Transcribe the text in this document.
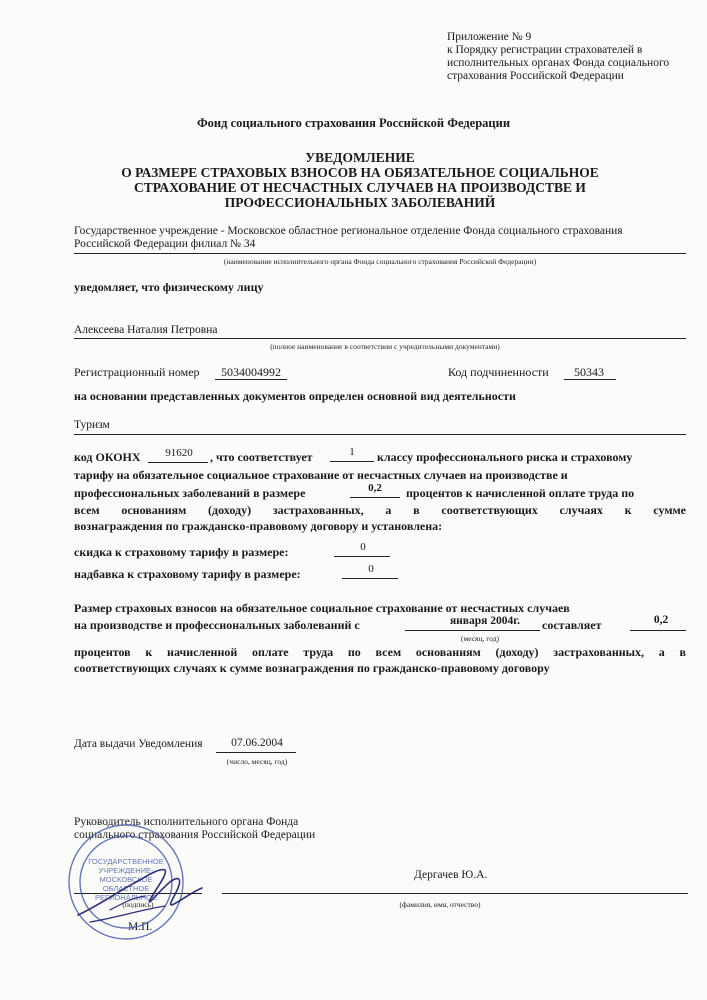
Приложение № 9
к Порядку регистрации страхователей в
исполнительных органах Фонда социального
страхования Российской Федерации
Фонд социального страхования Российской Федерации
УВЕДОМЛЕНИЕ
О РАЗМЕРЕ СТРАХОВЫХ ВЗНОСОВ НА ОБЯЗАТЕЛЬНОЕ СОЦИАЛЬНОЕ
СТРАХОВАНИЕ ОТ НЕСЧАСТНЫХ СЛУЧАЕВ НА ПРОИЗВОДСТВЕ И
ПРОФЕССИОНАЛЬНЫХ ЗАБОЛЕВАНИЙ
Государственное учреждение - Московское областное региональное отделение Фонда социального страхования
Российской Федерации филиал № 34
(наименование исполнительного органа Фонда социального страхования Российской Федерации)
уведомляет, что физическому лицу
Алексеева Наталия Петровна
(полное наименование в соответствии с учредительными документами)
Регистрационный номер	5034004992	Код подчиненности	50343
на основании представленных документов определен основной вид деятельности
Туризм
код ОКОНХ	91620	, что соответствует	1	классу профессионального риска и страховому
тарифу на обязательное социальное страхование от несчастных случаев на производстве и
профессиональных заболеваний в размере	0,2	процентов к начисленной оплате труда по
всем основаниям (доходу) застрахованных, а в соответствующих случаях к сумме
вознаграждения по гражданско-правовому договору и установлена:
скидка к страховому тарифу в размере:	0
надбавка к страховому тарифу в размере:	0
Размер страховых взносов на обязательное социальное страхование от несчастных случаев
на производстве и профессиональных заболеваний с	января 2004г.
(месяц, год)
составляет	0,2
процентов к начисленной оплате труда по всем основаниям (доходу) застрахованных, а в
соответствующих случаях к сумме вознаграждения по гражданско-правовому договору
Дата выдачи Уведомления	07.06.2004
(число, месяц, год)
Руководитель исполнительного органа Фонда
социального страхования Российской Федерации
Дергачев Ю.А.
(подпись)	(фамилия, имя, отчество)
М.П.
ГОСУДАРСТВЕННОЕ
УЧРЕЖДЕНИЕ-
МОСКОВСКОЕ
ОБЛАСТНОЕ
РЕГИОНАЛЬНОЕ
